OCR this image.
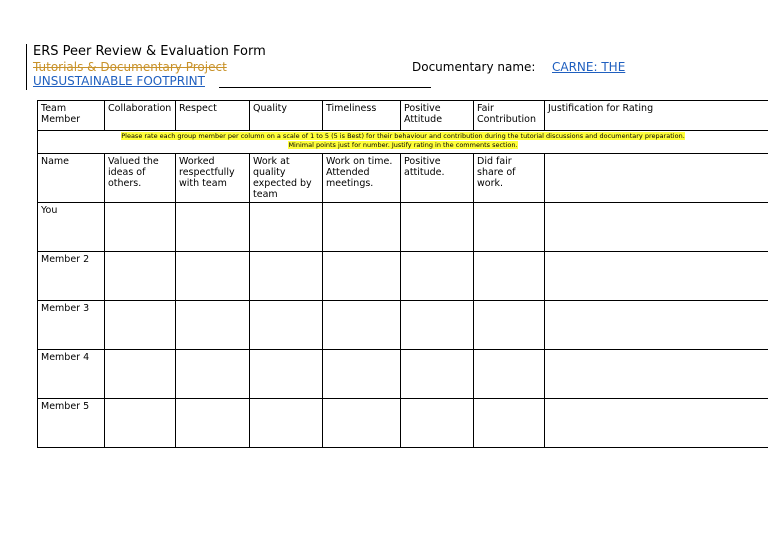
ERS Peer Review & Evaluation Form
Tutorials & Documentary Project
UNSUSTAINABLE FOOTPRINT
Documentary name: CARNE: THE
Team Member	Collaboration	Respect	Quality	Timeliness	Positive Attitude	Fair Contribution	Justification for Rating
Please rate each group member per column on a scale of 1 to 5 (5 is Best) for their behaviour and contribution during the tutorial discussions and documentary preparation.
Minimal points just for number. Justify rating in the comments section.							
Name	Valued the ideas of others.	Worked respectfully with team	Work at quality expected by team	Work on time. Attended meetings.	Positive attitude.	Did fair share of work.	
You							
Member 2							
Member 3							
Member 4							
Member 5							
